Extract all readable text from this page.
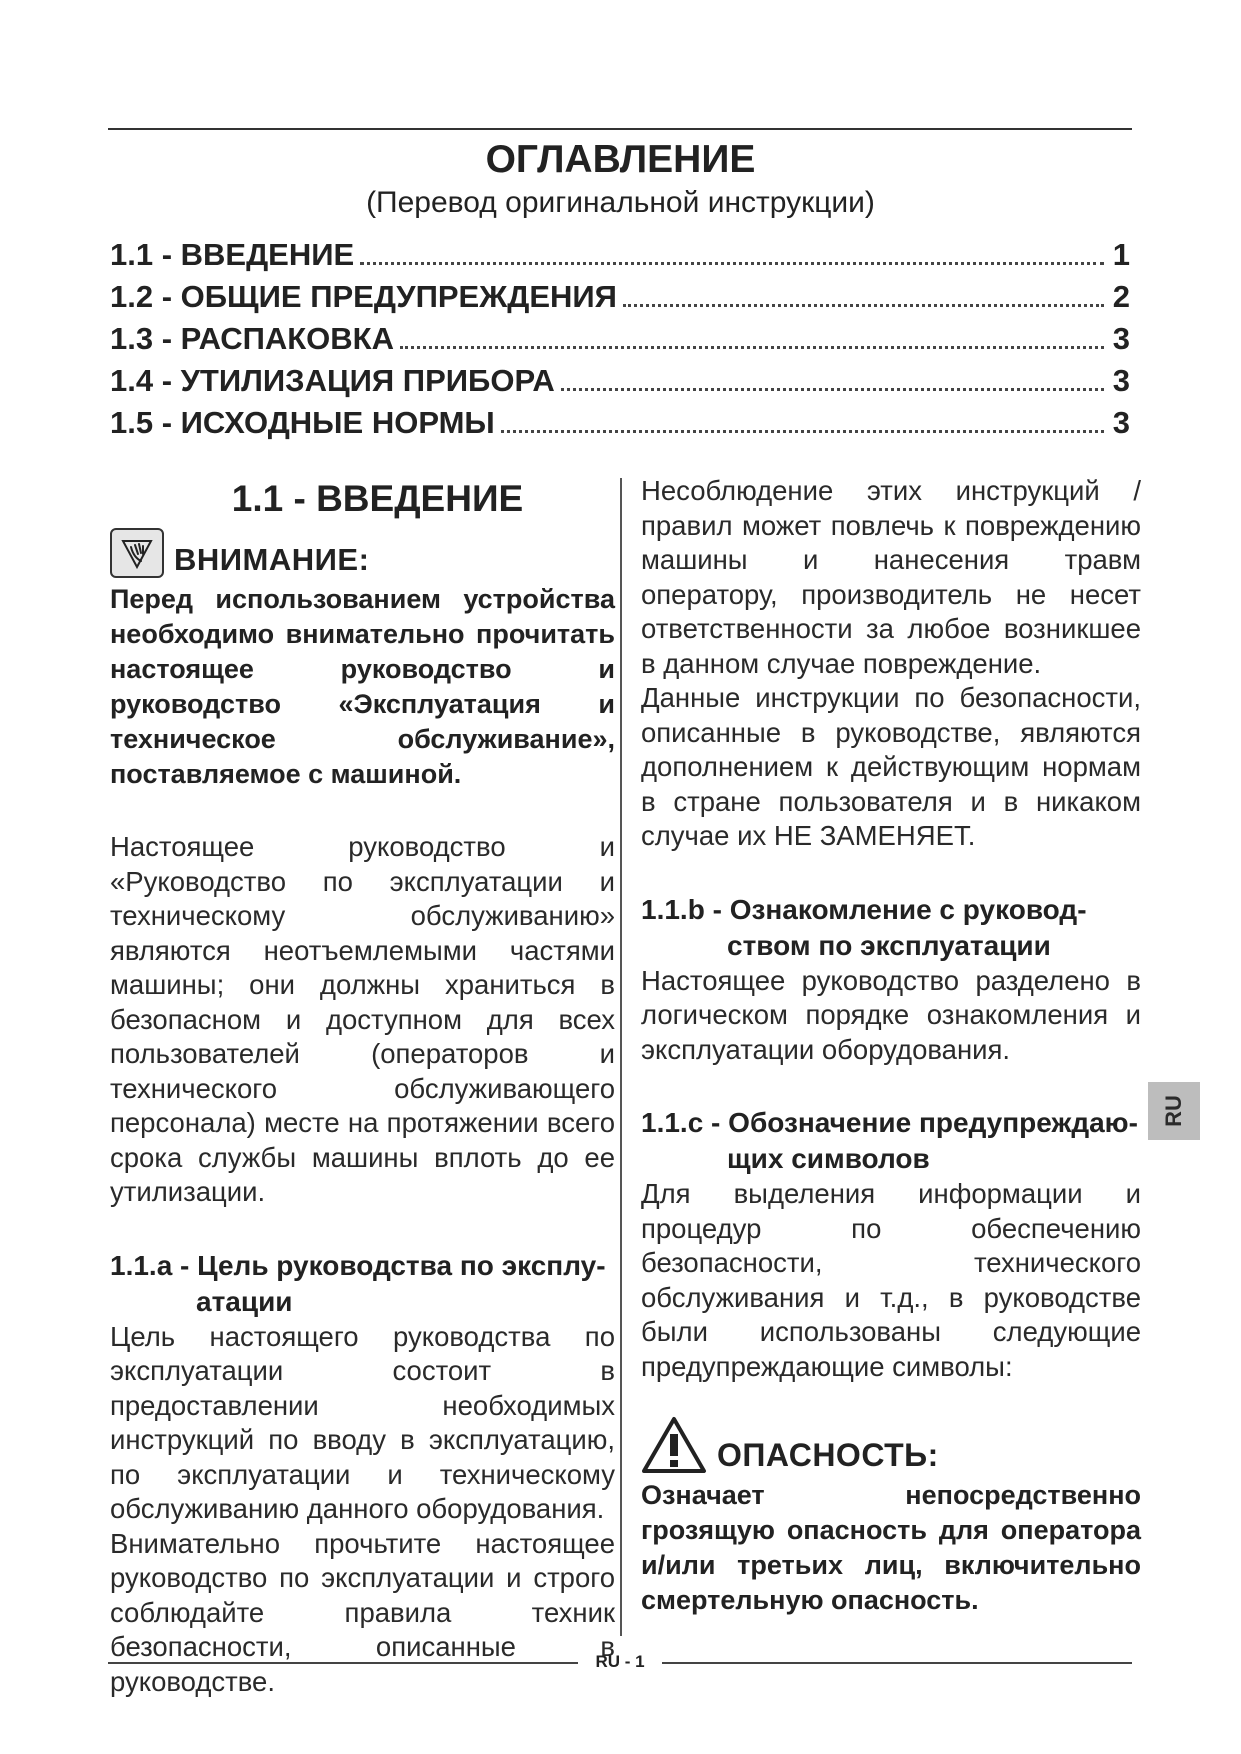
ОГЛАВЛЕНИЕ
(Перевод оригинальной инструкции)
1.1 - ВВЕДЕНИЕ	1
1.2 - ОБЩИЕ ПРЕДУПРЕЖДЕНИЯ	2
1.3 - РАСПАКОВКА	3
1.4 - УТИЛИЗАЦИЯ ПРИБОРА	3
1.5 - ИСХОДНЫЕ НОРМЫ	3
1.1 - ВВЕДЕНИЕ
ВНИМАНИЕ:

Перед использованием устройства необходимо внимательно прочитать настоящее руководство и руководство «Эксплуатация и техническое обслуживание», поставляемое с машиной.

Настоящее руководство и «Руководство по эксплуатации и техническому обслуживанию» являются неотъемлемыми частями машины; они должны храниться в безопасном и доступном для всех пользователей (операторов и технического обслуживающего персонала) месте на протяжении всего срока службы машины вплоть до ее утилизации.

1.1.a - Цель руководства по эксплу-
атации

Цель настоящего руководства по эксплуатации состоит в предоставлении необходимых инструкций по вводу в эксплуатацию, по эксплуатации и техническому обслуживанию данного оборудования.

Внимательно прочьтите настоящее руководство по эксплуатации и строго соблюдайте правила техник безопасности, описанные в руководстве.

Несоблюдение этих инструкций / правил может повлечь к повреждению машины и нанесения травм оператору, производитель не несет ответственности за любое возникшее в данном случае повреждение.

Данные инструкции по безопасности, описанные в руководстве, являются дополнением к действующим нормам в стране пользователя и в никаком случае их НЕ ЗАМЕНЯЕТ.

1.1.b - Ознакомление с руковод-
ством по эксплуатации

Настоящее руководство разделено в логическом порядке ознакомления и эксплуатации оборудования.

1.1.c - Обозначение предупреждаю-
щих символов

Для выделения информации и процедур по обеспечению безопасности, технического обслуживания и т.д., в руководстве были использованы следующие предупреждающие символы:

ОПАСНОСТЬ:

Означает непосредственно грозящую опасность для оператора и/или третьих лиц, включительно смертельную опасность.

RU
RU - 1
